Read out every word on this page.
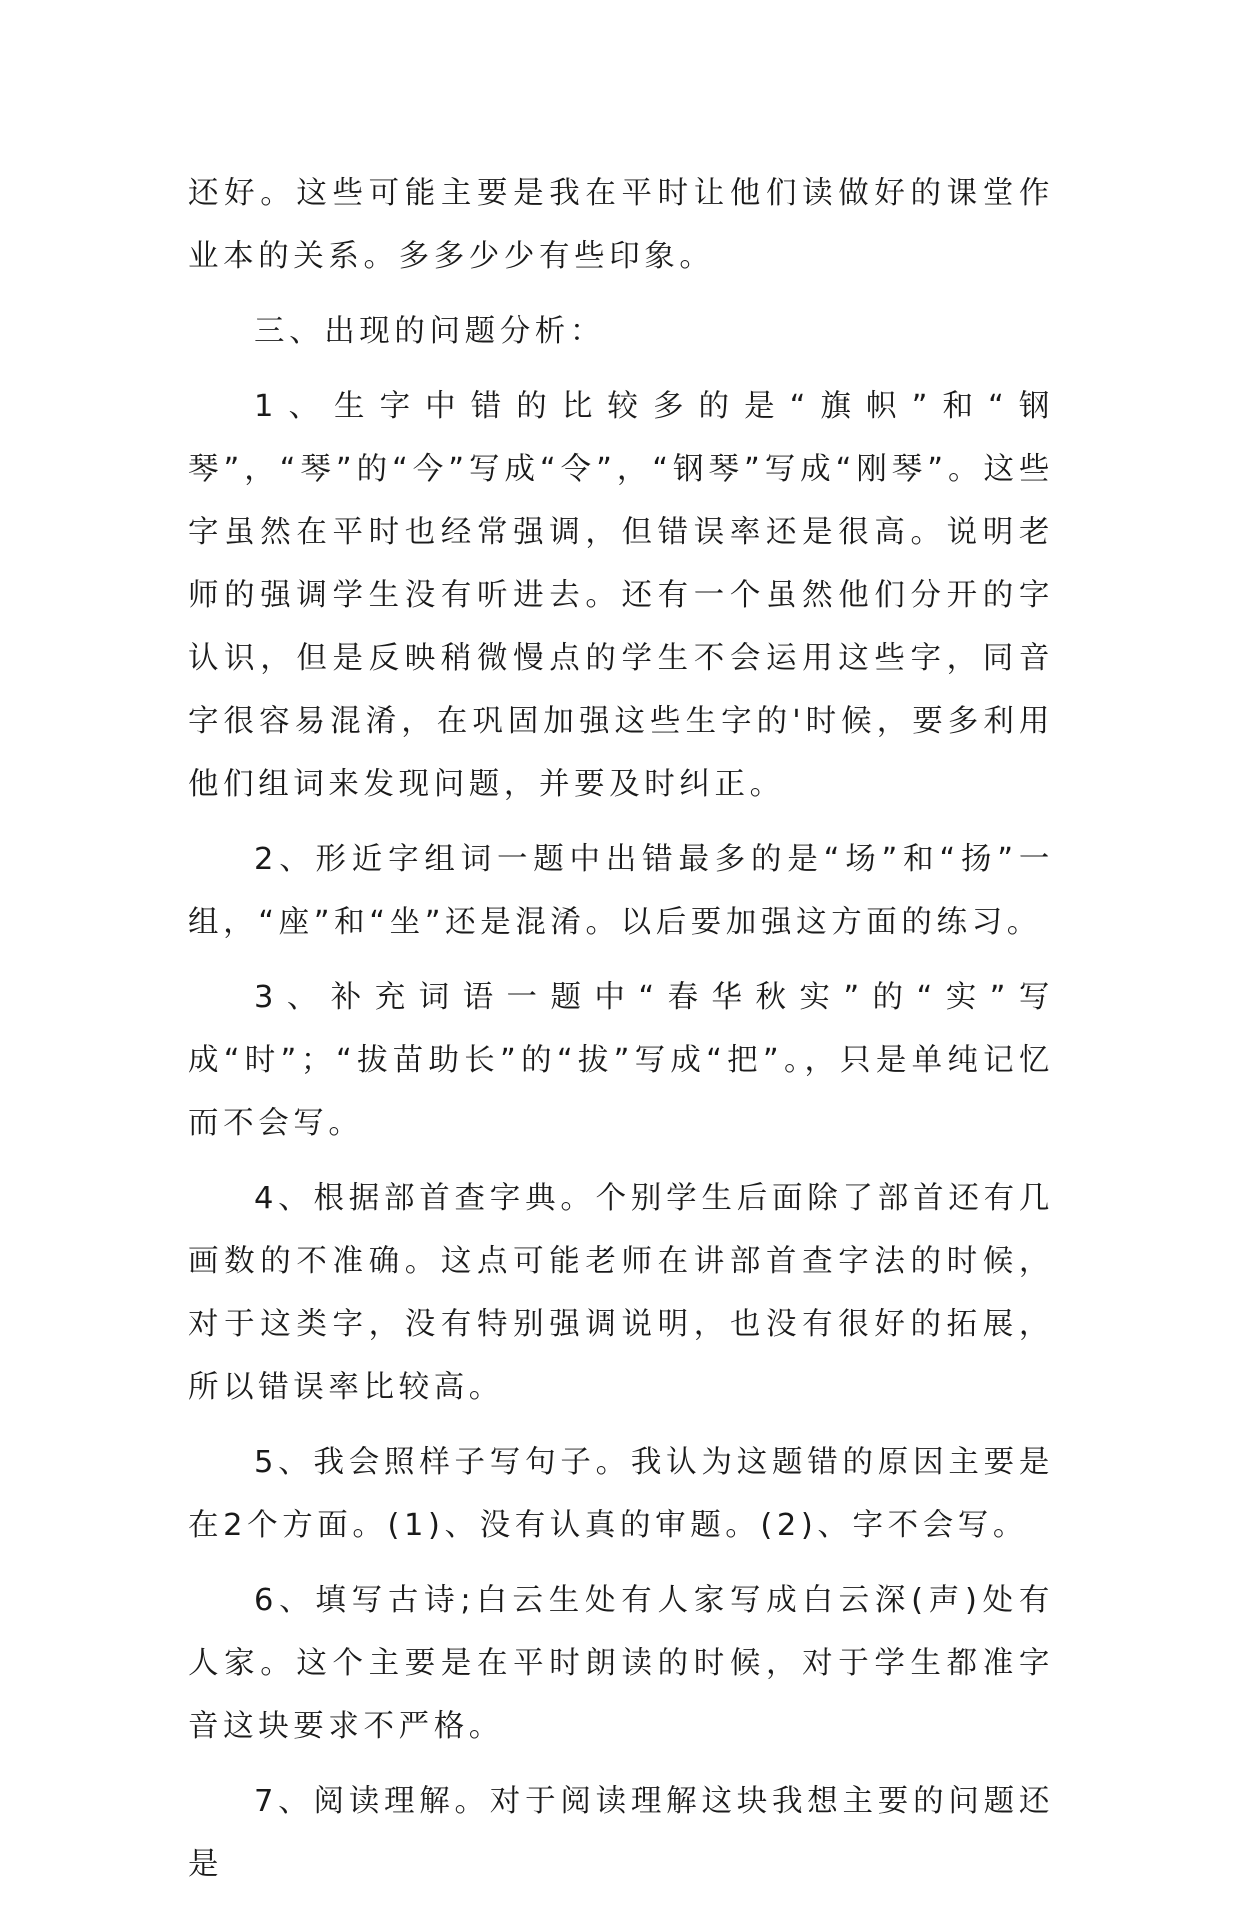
还好。这些可能主要是我在平时让他们读做好的课堂作业本的关系。多多少少有些印象。

三、出现的问题分析：

1、生字中错的比较多的是“旗帜”和“钢琴”，“琴”的“今”写成“令”，“钢琴”写成“刚琴”。这些字虽然在平时也经常强调，但错误率还是很高。说明老师的强调学生没有听进去。还有一个虽然他们分开的字认识，但是反映稍微慢点的学生不会运用这些字，同音字很容易混淆，在巩固加强这些生字的'时候，要多利用他们组词来发现问题，并要及时纠正。

2、形近字组词一题中出错最多的是“场”和“扬”一组，“座”和“坐”还是混淆。以后要加强这方面的练习。

3、补充词语一题中“春华秋实”的“实”写成“时”；“拔苗助长”的“拔”写成“把”。，只是单纯记忆而不会写。

4、根据部首查字典。个别学生后面除了部首还有几画数的不准确。这点可能老师在讲部首查字法的时候，对于这类字，没有特别强调说明，也没有很好的拓展，所以错误率比较高。

5、我会照样子写句子。我认为这题错的原因主要是在2个方面。(1)、没有认真的审题。(2)、字不会写。

6、填写古诗;白云生处有人家写成白云深(声)处有人家。这个主要是在平时朗读的时候，对于学生都准字音这块要求不严格。

7、阅读理解。对于阅读理解这块我想主要的问题还是
